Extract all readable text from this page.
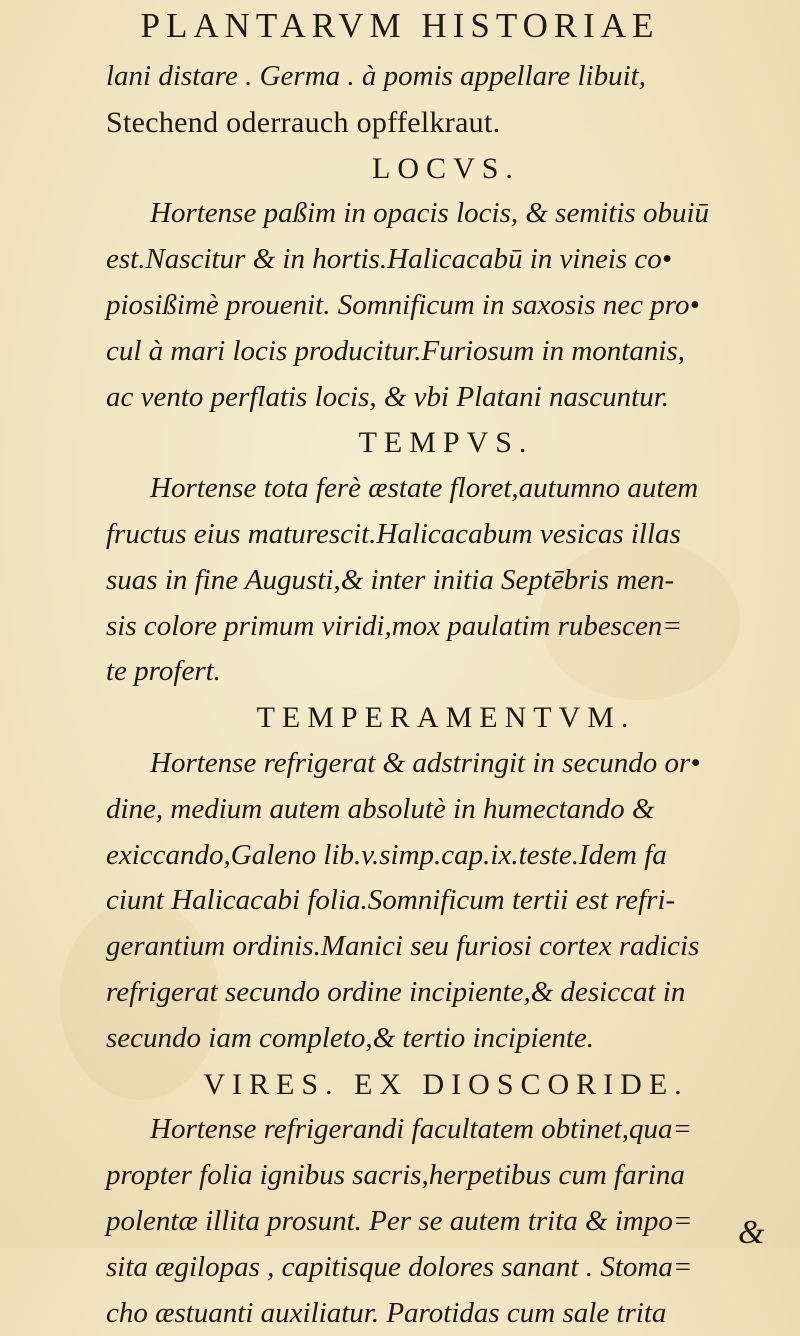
PLANTARVM HISTORIAE
lani distare . Germa . à pomis appellare libuit,
Stechend oderrauch opffelkraut.
LOCVS.
Hortense paßim in opacis locis, & semitis obuiū
est.Nascitur & in hortis.Halicacabū in vineis co•
piosißimè prouenit. Somnificum in saxosis nec pro•
cul à mari locis producitur.Furiosum in montanis,
ac vento perflatis locis, & vbi Platani nascuntur.
TEMPVS.
Hortense tota ferè æstate floret,autumno autem
fructus eius maturescit.Halicacabum vesicas illas
suas in fine Augusti,& inter initia Septēbris men-
sis colore primum viridi,mox paulatim rubescen=
te profert.
TEMPERAMENTVM.
Hortense refrigerat & adstringit in secundo or•
dine, medium autem absolutè in humectando &
exiccando,Galeno lib.v.simp.cap.ix.teste.Idem fa
ciunt Halicacabi folia.Somnificum tertii est refri-
gerantium ordinis.Manici seu furiosi cortex radicis
refrigerat secundo ordine incipiente,& desiccat in
secundo iam completo,& tertio incipiente.
VIRES. EX DIOSCORIDE.
Hortense refrigerandi facultatem obtinet,qua=
propter folia ignibus sacris,herpetibus cum farina
polentæ illita prosunt. Per se autem trita & impo=
sita ægilopas , capitisque dolores sanant . Stoma=
cho æstuanti auxiliatur. Parotidas cum sale trita
&
